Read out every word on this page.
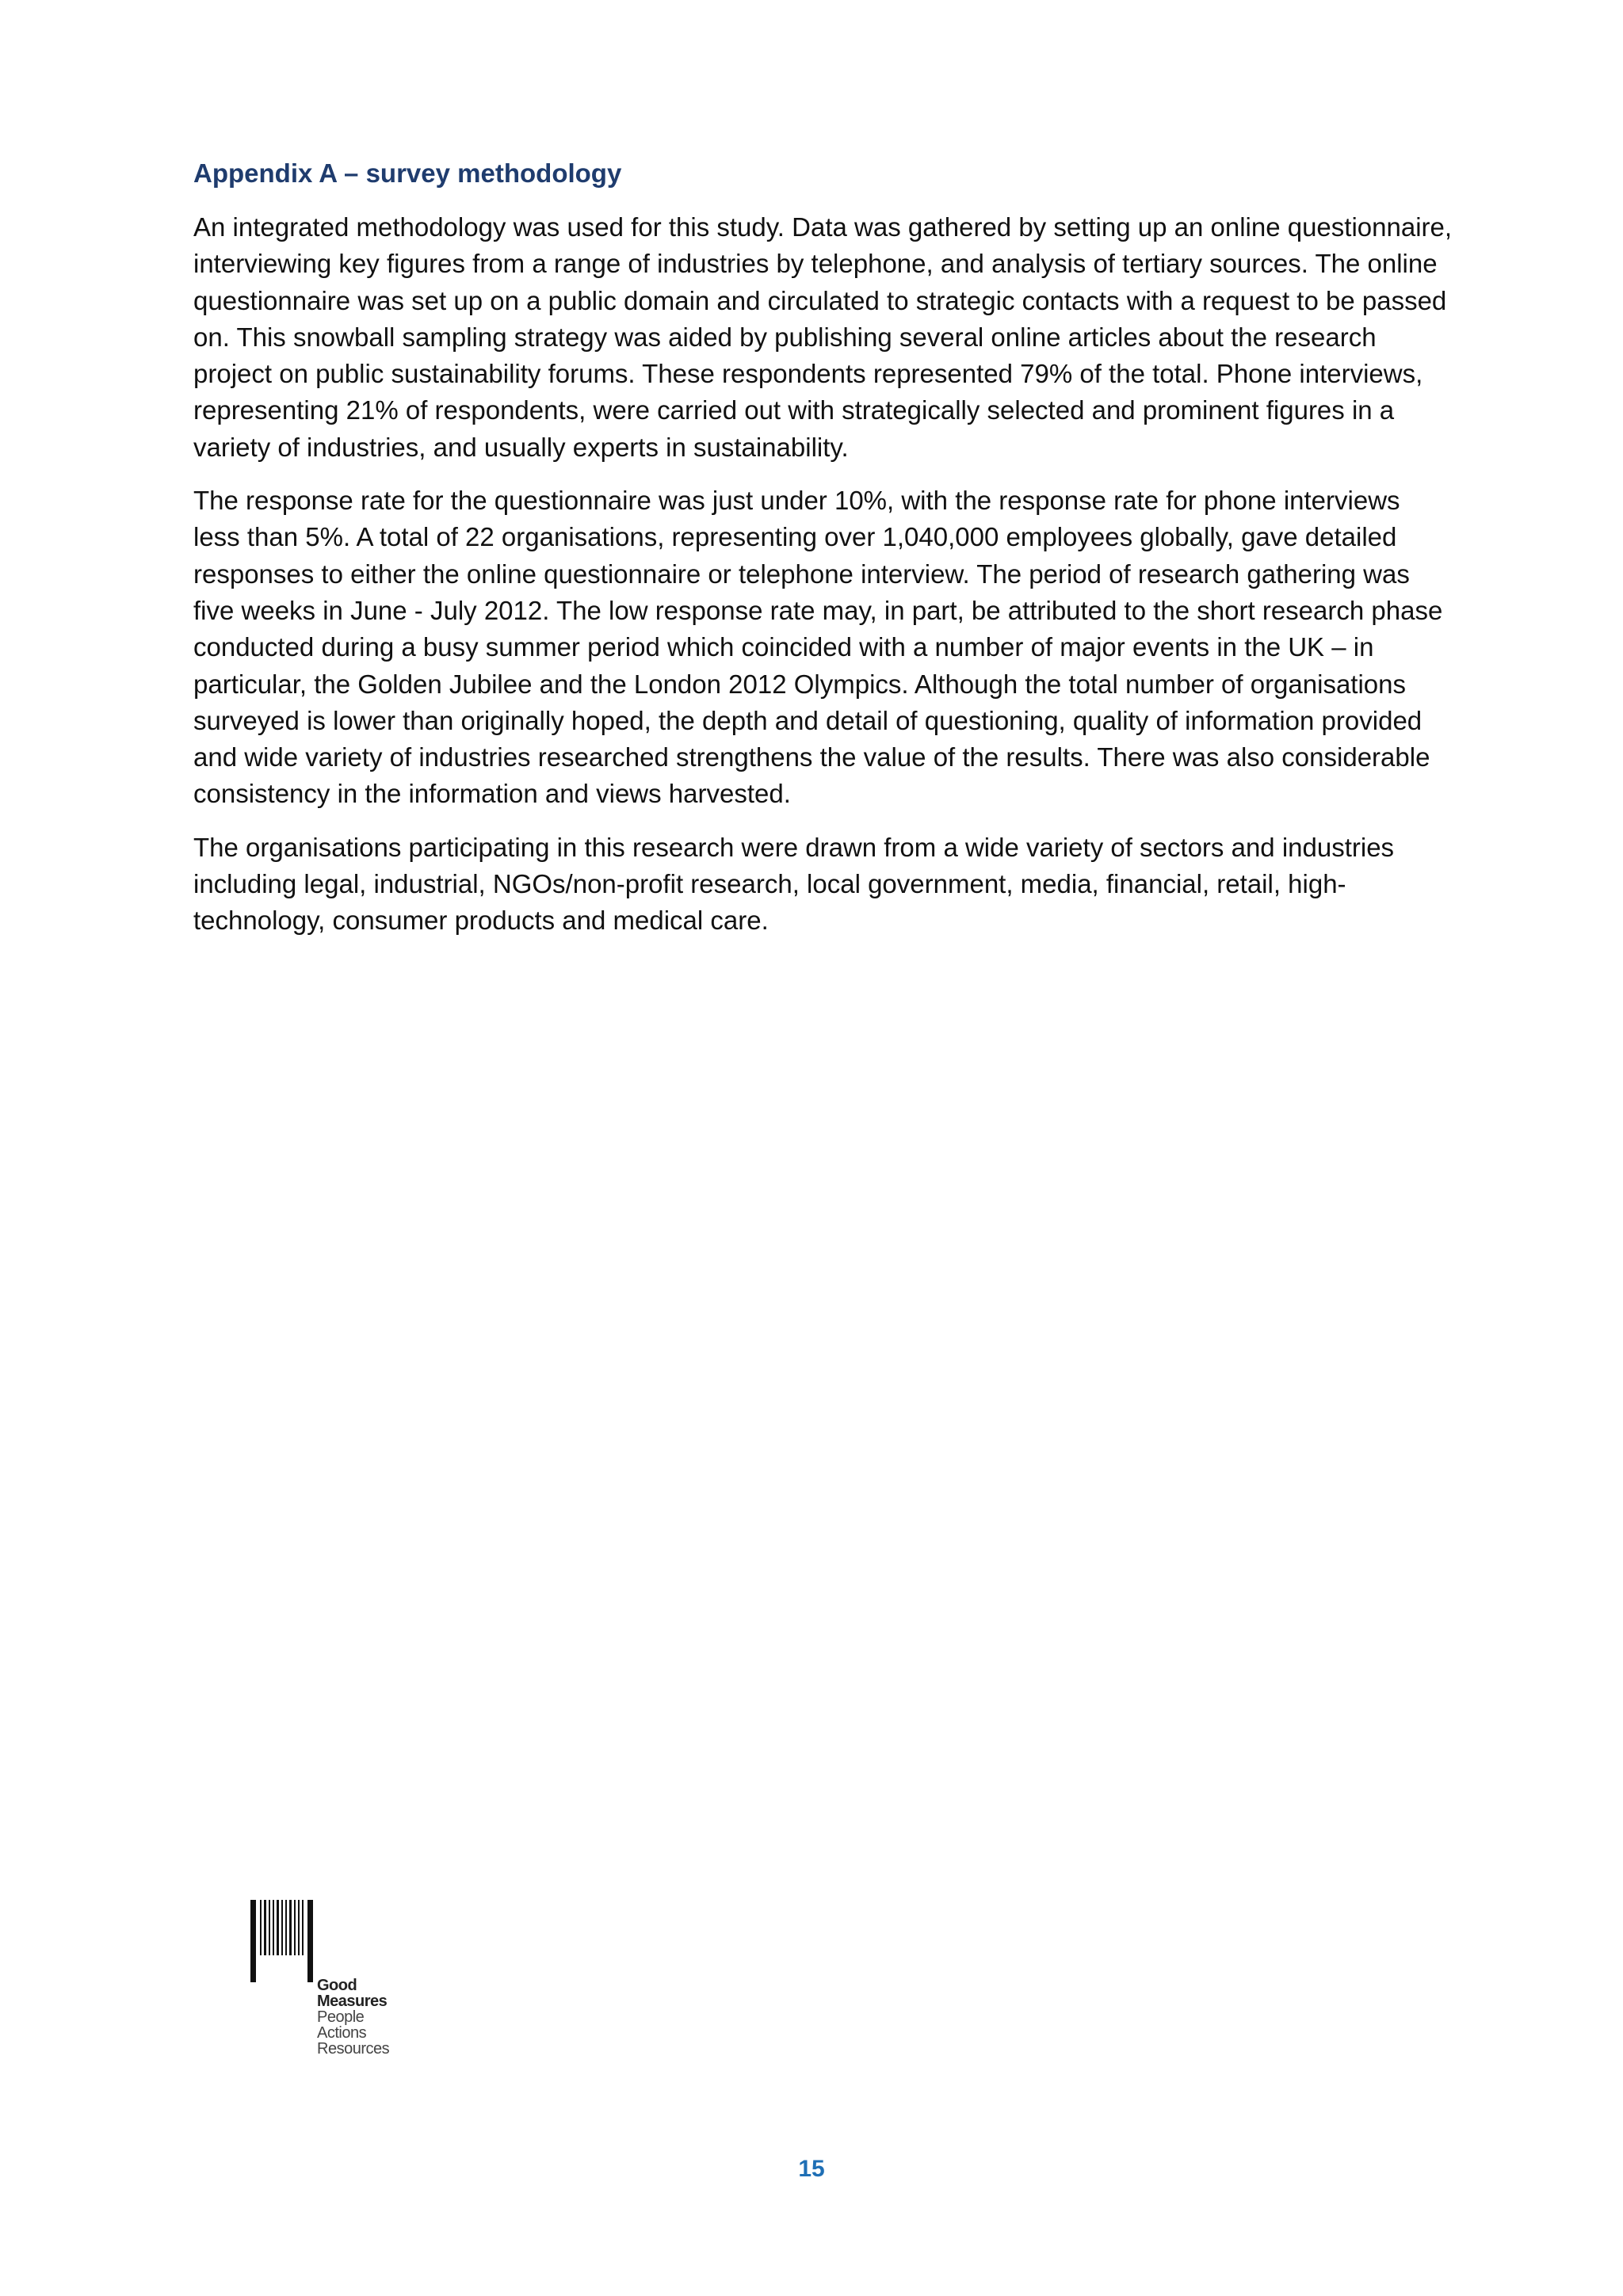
Appendix A – survey methodology

An integrated methodology was used for this study. Data was gathered by setting up an online questionnaire, interviewing key figures from a range of industries by telephone, and analysis of tertiary sources. The online questionnaire was set up on a public domain and circulated to strategic contacts with a request to be passed on. This snowball sampling strategy was aided by publishing several online articles about the research project on public sustainability forums. These respondents represented 79% of the total. Phone interviews, representing 21% of respondents, were carried out with strategically selected and prominent figures in a variety of industries, and usually experts in sustainability.

The response rate for the questionnaire was just under 10%, with the response rate for phone interviews less than 5%. A total of 22 organisations, representing over 1,040,000 employees globally, gave detailed responses to either the online questionnaire or telephone interview. The period of research gathering was five weeks in June - July 2012. The low response rate may, in part, be attributed to the short research phase conducted during a busy summer period which coincided with a number of major events in the UK – in particular, the Golden Jubilee and the London 2012 Olympics. Although the total number of organisations surveyed is lower than originally hoped, the depth and detail of questioning, quality of information provided and wide variety of industries researched strengthens the value of the results. There was also considerable consistency in the information and views harvested.

The organisations participating in this research were drawn from a wide variety of sectors and industries including legal, industrial, NGOs/non-profit research, local government, media, financial, retail, high-technology, consumer products and medical care.

Good
Measures
People
Actions
Resources
15
